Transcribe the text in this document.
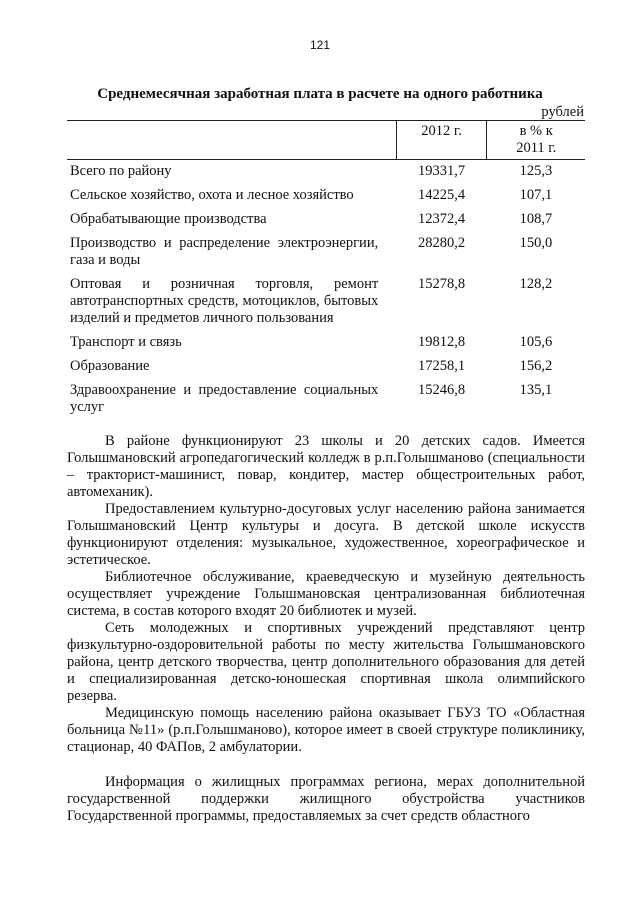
121
Среднемесячная заработная плата в расчете на одного работника
рублей
	2012 г.	в % к
2011 г.

Всего по району	19331,7	125,3
Сельское хозяйство, охота и лесное хозяйство	14225,4	107,1
Обрабатывающие производства	12372,4	108,7
Производство и распределение электроэнергии, газа и воды	28280,2	150,0
Оптовая и розничная торговля, ремонт автотранспортных средств, мотоциклов, бытовых изделий и предметов личного пользования	15278,8	128,2
Транспорт и связь	19812,8	105,6
Образование	17258,1	156,2
Здравоохранение и предоставление социальных услуг	15246,8	135,1

В районе функционируют 23 школы и 20 детских садов. Имеется Голышмановский агропедагогический колледж в р.п.Голышманово (специальности – тракторист-машинист, повар, кондитер, мастер общестроительных работ, автомеханик).

Предоставлением культурно-досуговых услуг населению района занимается Голышмановский Центр культуры и досуга. В детской школе искусств функционируют отделения: музыкальное, художественное, хореографическое и эстетическое.

Библиотечное обслуживание, краеведческую и музейную деятельность осуществляет учреждение Голышмановская централизованная библиотечная система, в состав которого входят 20 библиотек и музей.

Сеть молодежных и спортивных учреждений представляют центр физкультурно-оздоровительной работы по месту жительства Голышмановского района, центр детского творчества, центр дополнительного образования для детей и специализированная детско-юношеская спортивная школа олимпийского резерва.

Медицинскую помощь населению района оказывает ГБУЗ ТО «Областная больница №11» (р.п.Голышманово), которое имеет в своей структуре поликлинику, стационар, 40 ФАПов, 2 амбулатории.

Информация о жилищных программах региона, мерах дополнительной государственной поддержки жилищного обустройства участников Государственной программы, предоставляемых за счет средств областного
